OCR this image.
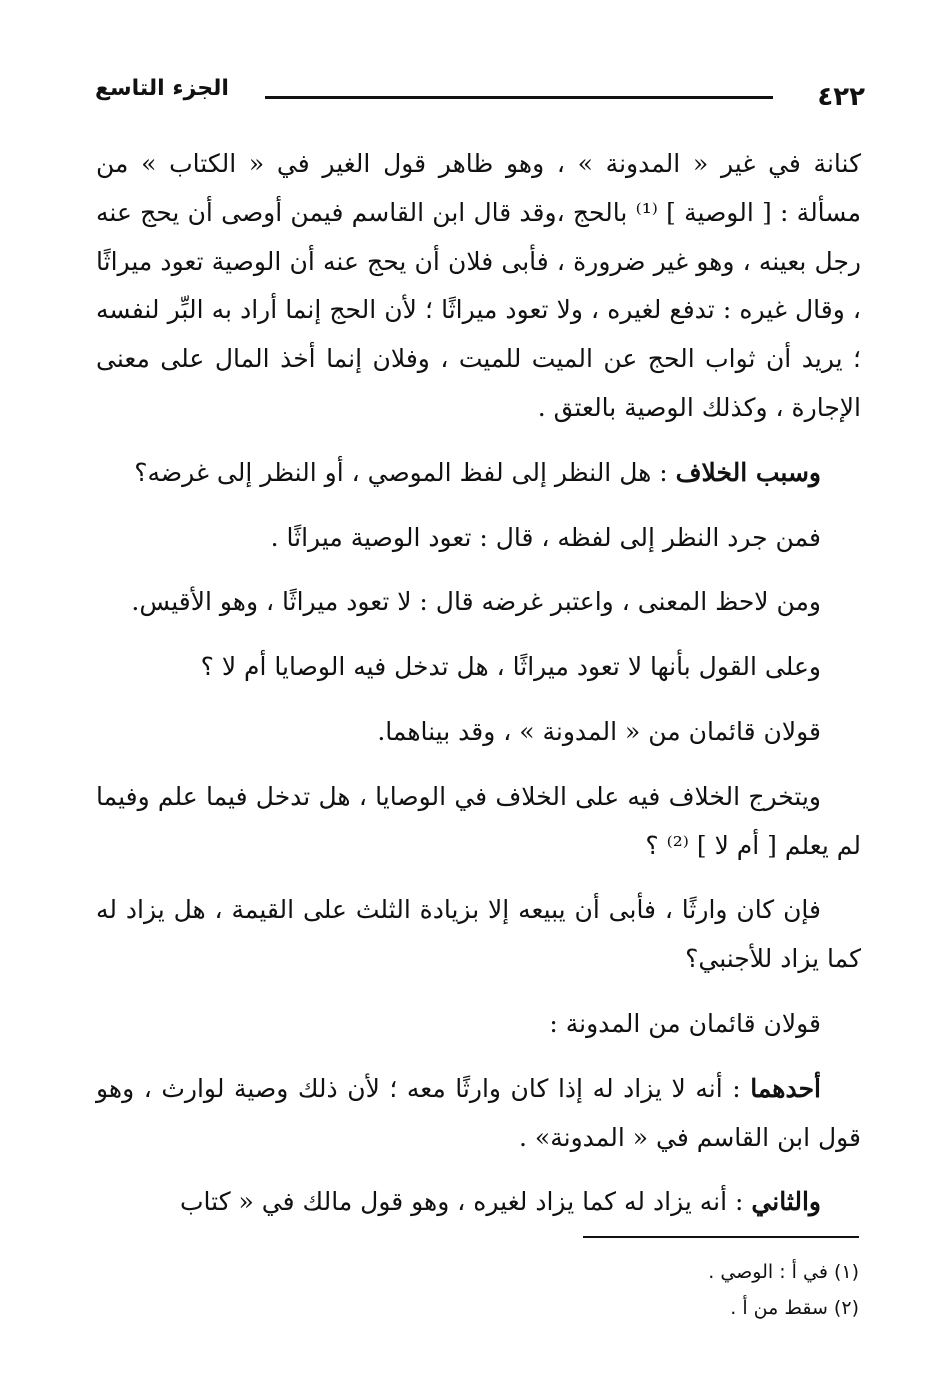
٤٢٢
الجزء التاسع

كنانة في غير « المدونة » ، وهو ظاهر قول الغير في « الكتاب » من مسألة : [ الوصية ] ⁽¹⁾ بالحج ،وقد قال ابن القاسم فيمن أوصى أن يحج عنه رجل بعينه ، وهو غير ضرورة ، فأبى فلان أن يحج عنه أن الوصية تعود ميراثًا ، وقال غيره : تدفع لغيره ، ولا تعود ميراثًا ؛ لأن الحج إنما أراد به البِّر لنفسه ؛ يريد أن ثواب الحج عن الميت للميت ، وفلان إنما أخذ المال على معنى الإجارة ، وكذلك الوصية بالعتق .

وسبب الخلاف : هل النظر إلى لفظ الموصي ، أو النظر إلى غرضه؟

فمن جرد النظر إلى لفظه ، قال : تعود الوصية ميراثًا .

ومن لاحظ المعنى ، واعتبر غرضه قال : لا تعود ميراثًا ، وهو الأقيس.

وعلى القول بأنها لا تعود ميراثًا ، هل تدخل فيه الوصايا أم لا ؟

قولان قائمان من « المدونة » ، وقد بيناهما.

ويتخرج الخلاف فيه على الخلاف في الوصايا ، هل تدخل فيما علم وفيما لم يعلم [ أم لا ] ⁽²⁾ ؟

فإن كان وارثًا ، فأبى أن يبيعه إلا بزيادة الثلث على القيمة ، هل يزاد له كما يزاد للأجنبي؟

قولان قائمان من المدونة :

أحدهما : أنه لا يزاد له إذا كان وارثًا معه ؛ لأن ذلك وصية لوارث ، وهو قول ابن القاسم في « المدونة» .

والثاني : أنه يزاد له كما يزاد لغيره ، وهو قول مالك في « كتاب

(١) في أ : الوصي .
(٢) سقط من أ .
